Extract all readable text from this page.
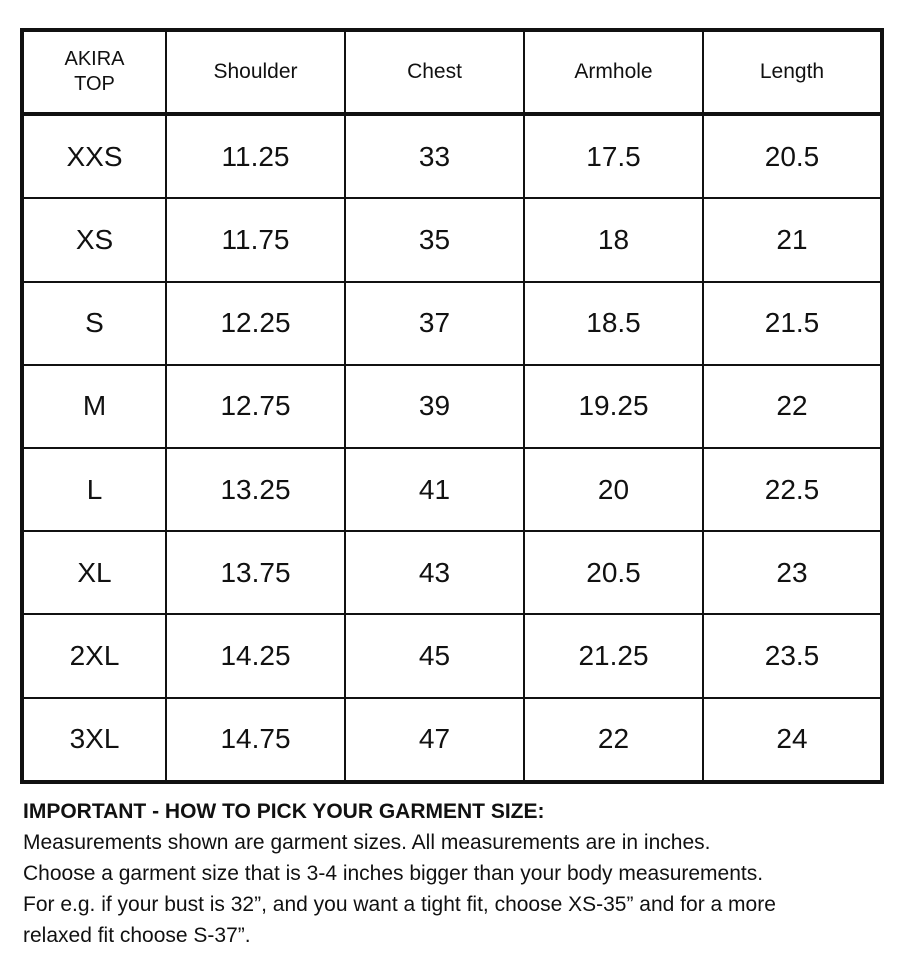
AKIRA
TOP	Shoulder	Chest	Armhole	Length
XXS	11.25	33	17.5	20.5
XS	11.75	35	18	21
S	12.25	37	18.5	21.5
M	12.75	39	19.25	22
L	13.25	41	20	22.5
XL	13.75	43	20.5	23
2XL	14.25	45	21.25	23.5
3XL	14.75	47	22	24
IMPORTANT - HOW TO PICK YOUR GARMENT SIZE:
Measurements shown are garment sizes. All measurements are in inches.
Choose a garment size that is 3-4 inches bigger than your body measurements.
For e.g. if your bust is 32”, and you want a tight fit, choose XS-35” and for a more
relaxed fit choose S-37”.
